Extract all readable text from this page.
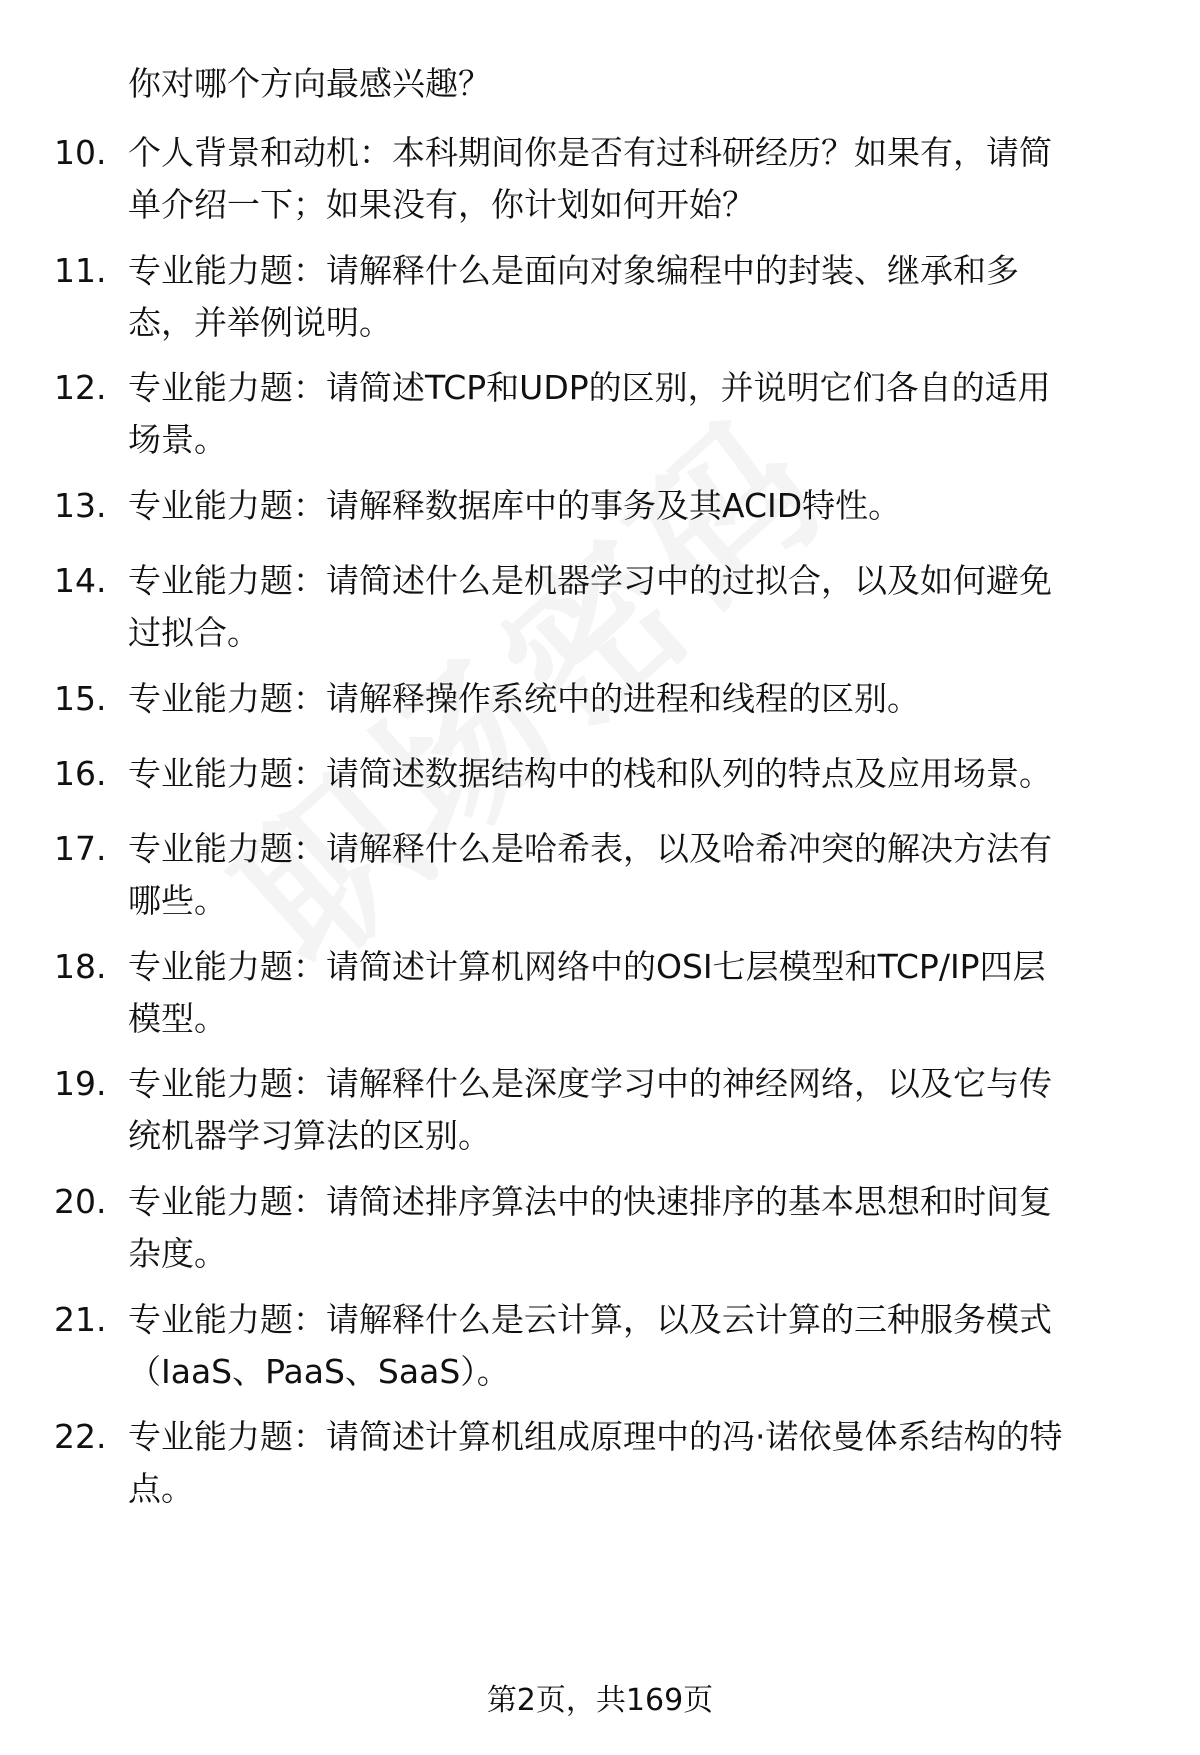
你对哪个方向最感兴趣？
10. 个人背景和动机：本科期间你是否有过科研经历？如果有，请简
单介绍一下；如果没有，你计划如何开始？
11. 专业能力题：请解释什么是面向对象编程中的封装、继承和多
态，并举例说明。
12. 专业能力题：请简述TCP和UDP的区别，并说明它们各自的适用
场景。
13. 专业能力题：请解释数据库中的事务及其ACID特性。
14. 专业能力题：请简述什么是机器学习中的过拟合，以及如何避免
过拟合。
15. 专业能力题：请解释操作系统中的进程和线程的区别。
16. 专业能力题：请简述数据结构中的栈和队列的特点及应用场景。
17. 专业能力题：请解释什么是哈希表，以及哈希冲突的解决方法有
哪些。
18. 专业能力题：请简述计算机网络中的OSI七层模型和TCP/IP四层
模型。
19. 专业能力题：请解释什么是深度学习中的神经网络，以及它与传
统机器学习算法的区别。
20. 专业能力题：请简述排序算法中的快速排序的基本思想和时间复
杂度。
21. 专业能力题：请解释什么是云计算，以及云计算的三种服务模式
（IaaS、PaaS、SaaS）。
22. 专业能力题：请简述计算机组成原理中的冯·诺依曼体系结构的特
点。
第2页，共169页
